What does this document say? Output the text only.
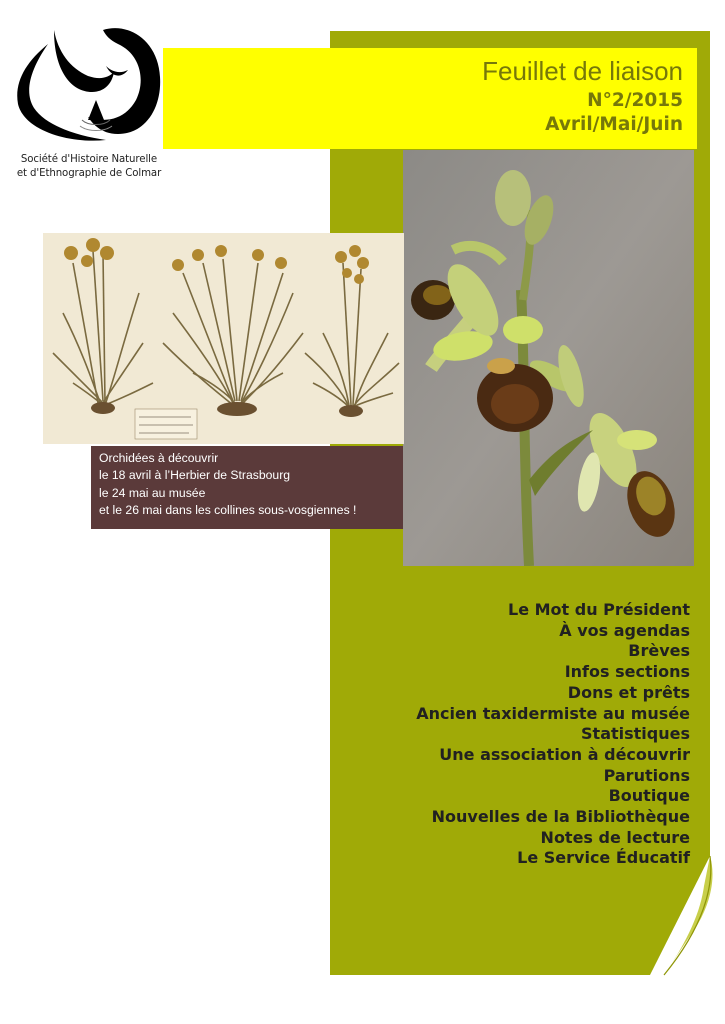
Société d'Histoire Naturelle
et d'Ethnographie de Colmar
Feuillet de liaison
N°2/2015
Avril/Mai/Juin
Orchidées à découvrir
le 18 avril à l’Herbier de Strasbourg
le 24 mai au musée
et le 26 mai dans les collines sous-vosgiennes !
Le Mot du Président
À vos agendas
Brèves
Infos sections
Dons et prêts
Ancien taxidermiste au musée
Statistiques
Une association à découvrir
Parutions
Boutique
Nouvelles de la Bibliothèque
Notes de lecture
Le Service Éducatif
